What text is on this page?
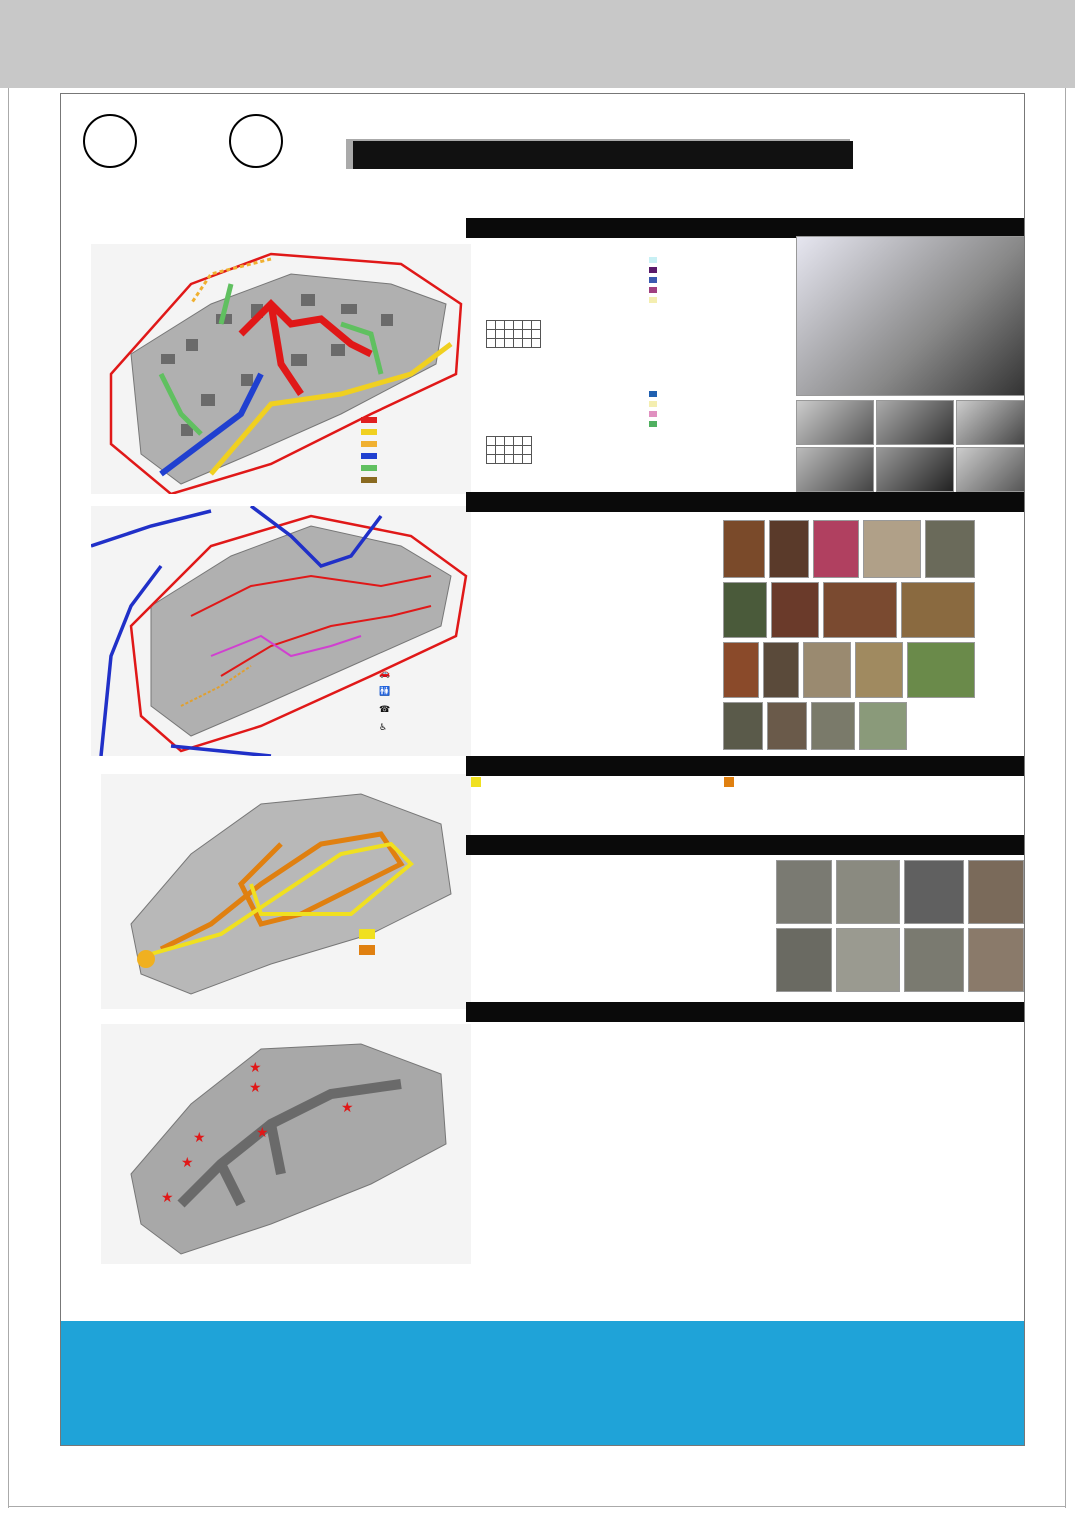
🚗
🚻
☎
♿
★
★
★
★	★
★
★
